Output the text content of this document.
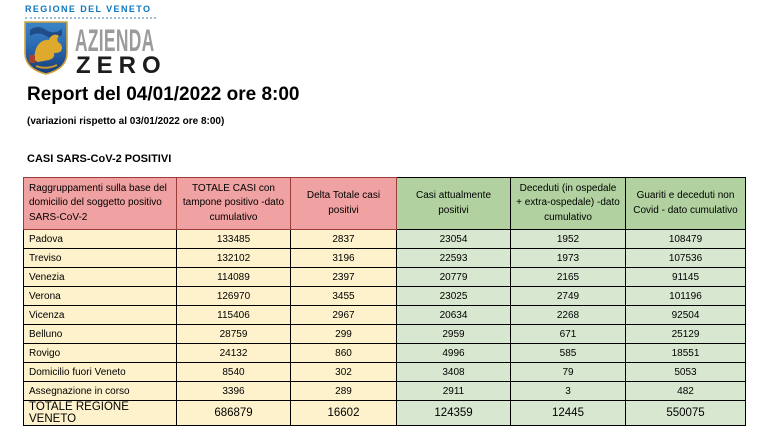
REGIONE DEL VENETO
AZIENDA
ZERO
Report del 04/01/2022 ore 8:00
(variazioni rispetto al 03/01/2022 ore 8:00)
CASI SARS-CoV-2 POSITIVI
Raggruppamenti sulla base del domicilio del soggetto positivo SARS-CoV-2	TOTALE CASI con tampone positivo -dato cumulativo	Delta Totale casi positivi	Casi attualmente positivi	Deceduti (in ospedale + extra-ospedale) -dato cumulativo	Guariti e deceduti non Covid - dato cumulativo
Padova	133485	2837	23054	1952	108479
Treviso	132102	3196	22593	1973	107536
Venezia	114089	2397	20779	2165	91145
Verona	126970	3455	23025	2749	101196
Vicenza	115406	2967	20634	2268	92504
Belluno	28759	299	2959	671	25129
Rovigo	24132	860	4996	585	18551
Domicilio fuori Veneto	8540	302	3408	79	5053
Assegnazione in corso	3396	289	2911	3	482
TOTALE REGIONE VENETO	686879	16602	124359	12445	550075
